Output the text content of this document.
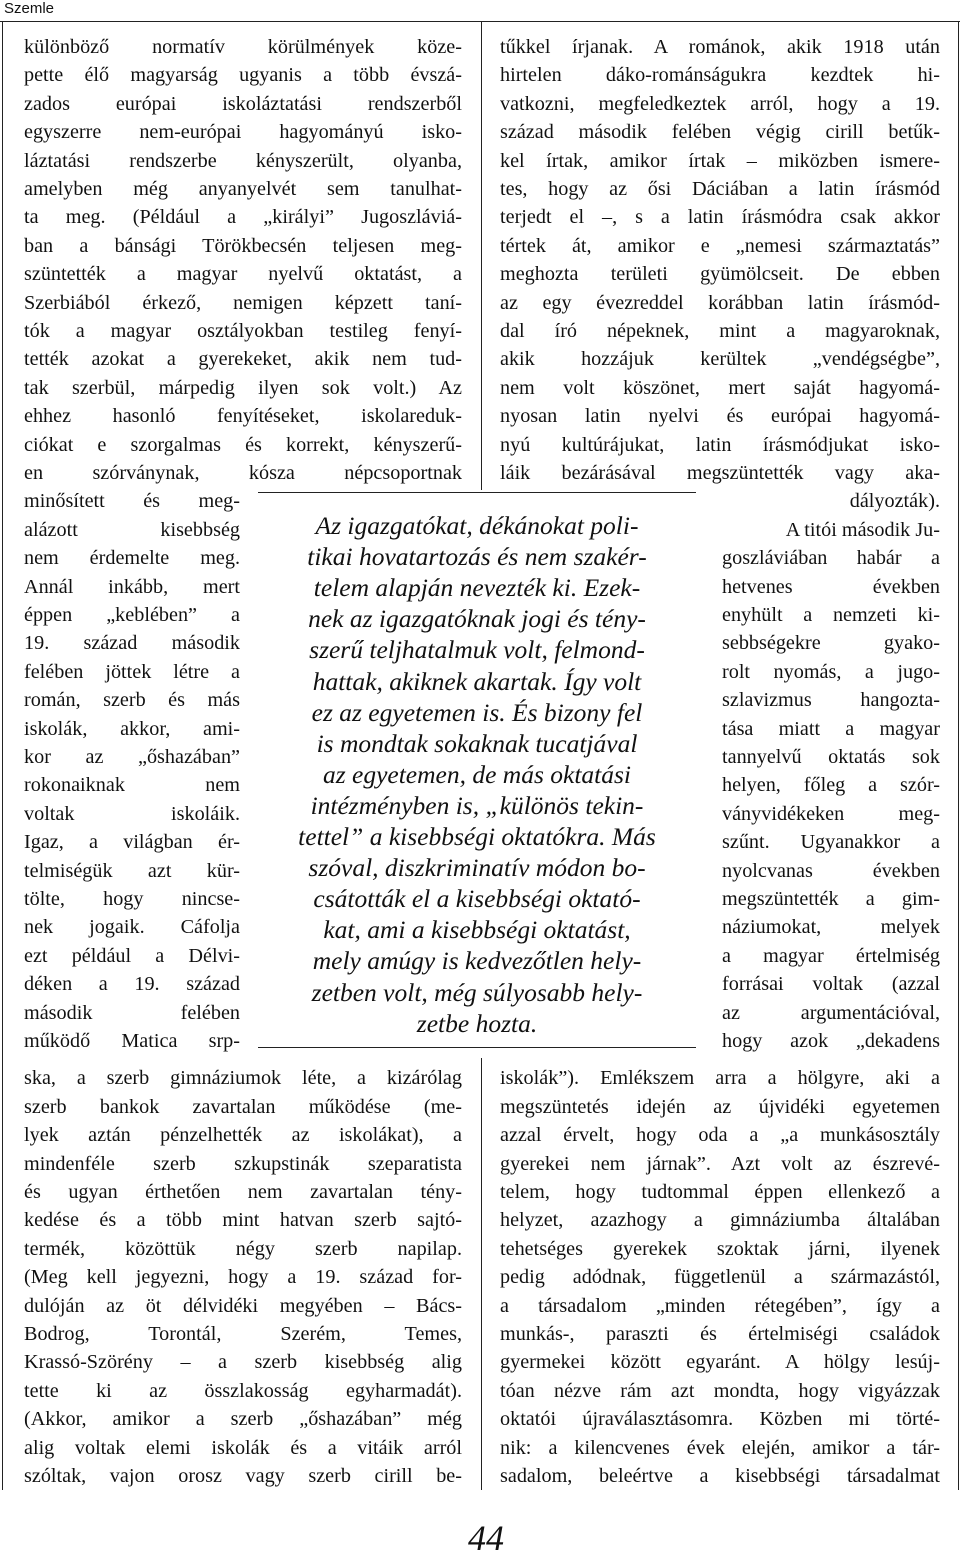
Szemle

különböző normatív körülmények köze-

pette élő magyarság ugyanis a több évszá-

zados európai iskoláztatási rendszerből

egyszerre nem-európai hagyományú isko-

láztatási rendszerbe kényszerült, olyanba,

amelyben még anyanyelvét sem tanulhat-

ta meg. (Például a „királyi” Jugoszláviá-

ban a bánsági Törökbecsén teljesen meg-

szüntették a magyar nyelvű oktatást, a

Szerbiából érkező, nemigen képzett taní-

tók a magyar osztályokban testileg fenyí-

tették azokat a gyerekeket, akik nem tud-

tak szerbül, márpedig ilyen sok volt.) Az

ehhez hasonló fenyítéseket, iskolareduk-

ciókat e szorgalmas és korrekt, kényszerű-

en szórványnak, kósza népcsoportnak

minősített és meg-

alázott kisebbség

nem érdemelte meg.

Annál inkább, mert

éppen „keblében” a

19. század második

felében jöttek létre a

román, szerb és más

iskolák, akkor, ami-

kor az „őshazában”

rokonaiknak nem

voltak iskoláik.

Igaz, a világban ér-

telmiségük azt kür-

tölte, hogy nincse-

nek jogaik. Cáfolja

ezt például a Délvi-

déken a 19. század

második felében

működő Matica srp-

ska, a szerb gimnáziumok léte, a kizárólag

szerb bankok zavartalan működése (me-

lyek aztán pénzelhették az iskolákat), a

mindenféle szerb szkupstinák szeparatista

és ugyan érthetően nem zavartalan tény-

kedése és a több mint hatvan szerb sajtó-

termék, közöttük négy szerb napilap.

(Meg kell jegyezni, hogy a 19. század for-

dulóján az öt délvidéki megyében – Bács-

Bodrog, Torontál, Szerém, Temes,

Krassó-Szörény – a szerb kisebbség alig

tette ki az összlakosság egyharmadát).

(Akkor, amikor a szerb „őshazában” még

alig voltak elemi iskolák és a vitáik arról

szóltak, vajon orosz vagy szerb cirill be-

tűkkel írjanak. A románok, akik 1918 után

hirtelen dáko-románságukra kezdtek hi-

vatkozni, megfeledkeztek arról, hogy a 19.

század második felében végig cirill betűk-

kel írtak, amikor írtak – miközben ismere-

tes, hogy az ősi Dáciában a latin írásmód

terjedt el –, s a latin írásmódra csak akkor

tértek át, amikor e „nemesi származtatás”

meghozta területi gyümölcseit. De ebben

az egy évezreddel korábban latin írásmód-

dal író népeknek, mint a magyaroknak,

akik hozzájuk kerültek „vendégségbe”,

nem volt köszönet, mert saját hagyomá-

nyosan latin nyelvi és európai hagyomá-

nyú kultúrájukat, latin írásmódjukat isko-

láik bezárásával megszüntették vagy aka-

dályozták).

A titói második Ju-

goszláviában habár a

hetvenes években

enyhült a nemzeti ki-

sebbségekre gyako-

rolt nyomás, a jugo-

szlavizmus hangozta-

tása miatt a magyar

tannyelvű oktatás sok

helyen, főleg a szór-

ványvidékeken meg-

szűnt. Ugyanakkor a

nyolcvanas években

megszüntették a gim-

náziumokat, melyek

a magyar értelmiség

forrásai voltak (azzal

az argumentációval,

hogy azok „dekadens

iskolák”). Emlékszem arra a hölgyre, aki a

megszüntetés idején az újvidéki egyetemen

azzal érvelt, hogy oda a „a munkásosztály

gyerekei nem járnak”. Azt volt az észrevé-

telem, hogy tudtommal éppen ellenkező a

helyzet, azazhogy a gimnáziumba általában

tehetséges gyerekek szoktak járni, ilyenek

pedig adódnak, függetlenül a származástól,

a társadalom „minden rétegében”, így a

munkás-, paraszti és értelmiségi családok

gyermekei között egyaránt. A hölgy lesúj-

tóan nézve rám azt mondta, hogy vigyázzak

oktatói újraválasztásomra. Közben mi törté-

nik: a kilencvenes évek elején, amikor a tár-

sadalom, beleértve a kisebbségi társadalmat

Az igazgatókat, dékánokat poli-

tikai hovatartozás és nem szakér-

telem alapján nevezték ki. Ezek-

nek az igazgatóknak jogi és tény-

szerű teljhatalmuk volt, felmond-

hattak, akiknek akartak. Így volt

ez az egyetemen is. És bizony fel

is mondtak sokaknak tucatjával

az egyetemen, de más oktatási

intézményben is, „különös tekin-

tettel” a kisebbségi oktatókra. Más

szóval, diszkriminatív módon bo-

csátották el a kisebbségi oktató-

kat, ami a kisebbségi oktatást,

mely amúgy is kedvezőtlen hely-

zetben volt, még súlyosabb hely-

zetbe hozta.

44
